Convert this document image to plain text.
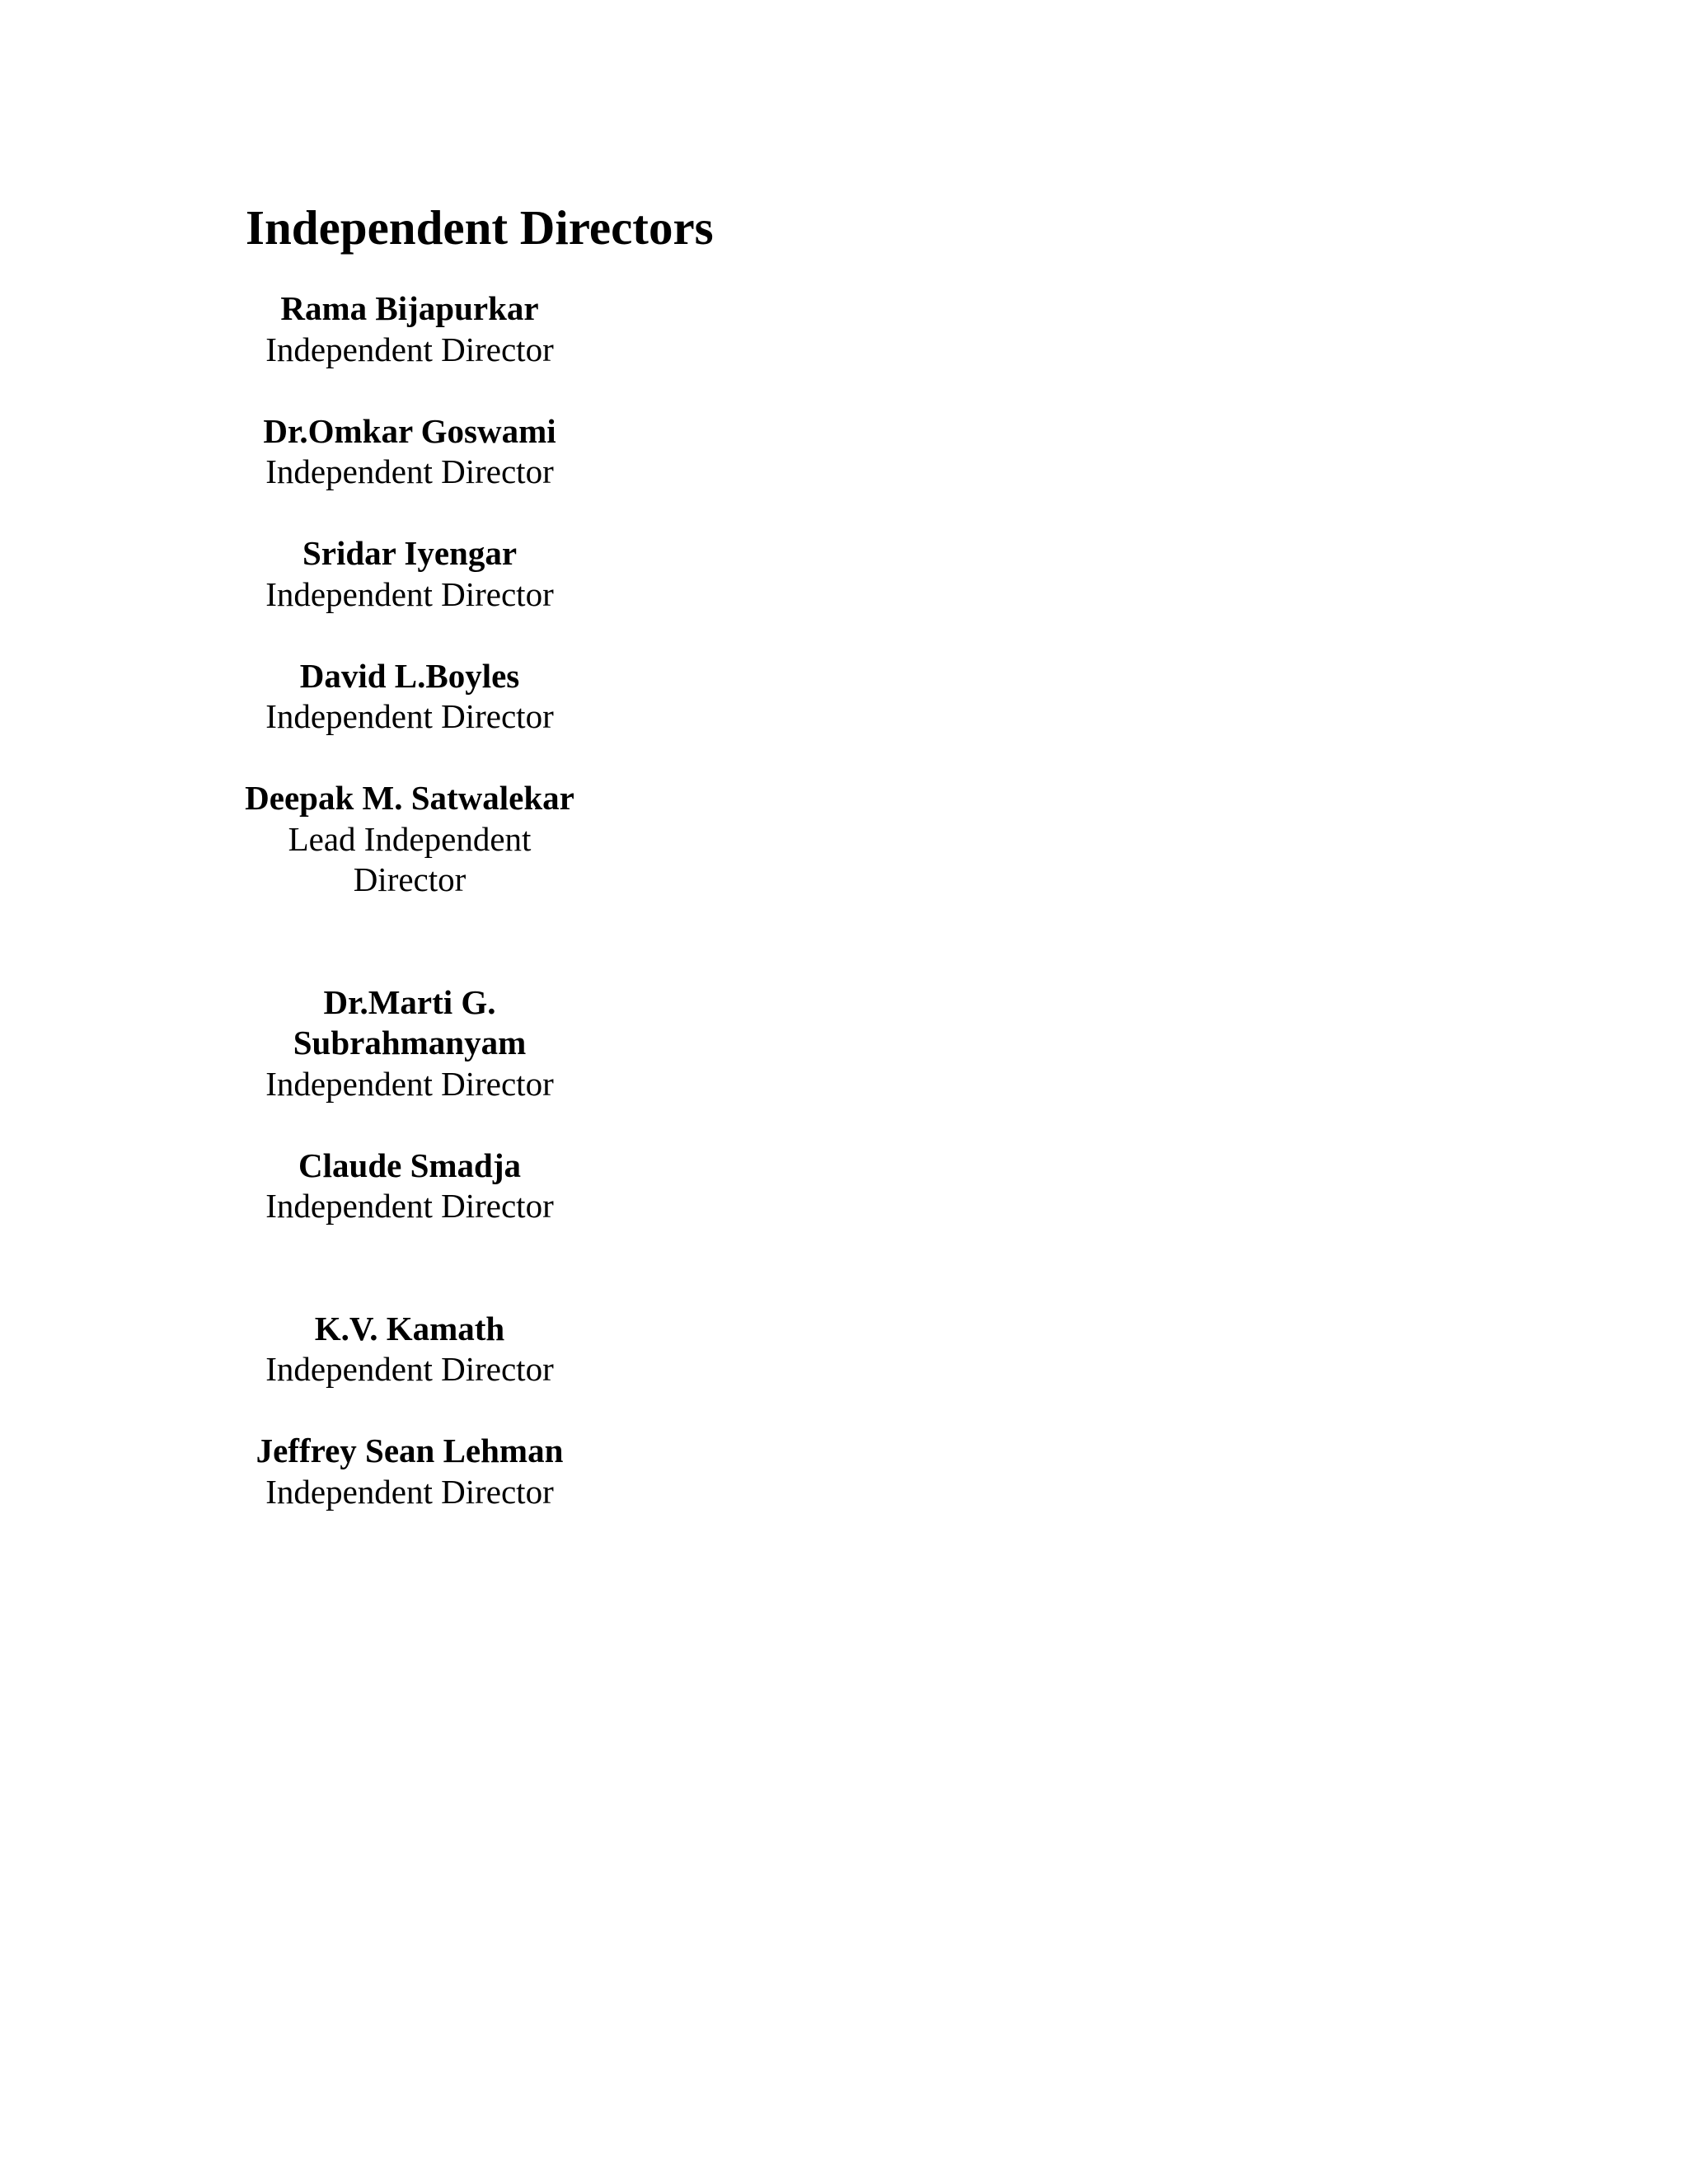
Independent Directors
Rama Bijapurkar
Independent Director
Dr.Omkar Goswami
Independent Director
Sridar Iyengar
Independent Director
David L.Boyles
Independent Director
Deepak M. Satwalekar
Lead Independent Director
Dr.Marti G. Subrahmanyam
Independent Director
Claude Smadja
Independent Director
K.V. Kamath
Independent Director
Jeffrey Sean Lehman
Independent Director
